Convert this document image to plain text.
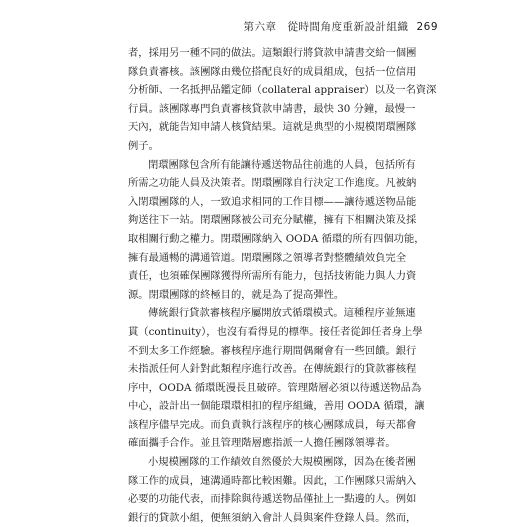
第六章　從時間角度重新設計組織 269
者，採用另一種不同的做法。這類銀行將貸款申請書交給一個團
隊負責審核。該團隊由幾位搭配良好的成員組成，包括一位信用
分析師、一名抵押品鑑定師（collateral appraiser）以及一名資深
行員。該團隊專門負責審核貸款申請書，最快 30 分鐘，最慢一
天內，就能告知申請人核貸結果。這就是典型的小規模閉環團隊
例子。
閉環團隊包含所有能讓待遞送物品往前進的人員，包括所有
所需之功能人員及決策者。閉環團隊自行決定工作進度。凡被納
入閉環團隊的人，一致追求相同的工作目標——讓待遞送物品能
夠送往下一站。閉環團隊被公司充分賦權，擁有下相關決策及採
取相關行動之權力。閉環團隊納入 OODA 循環的所有四個功能，
擁有最通暢的溝通管道。閉環團隊之領導者對整體績效負完全
責任，也須確保團隊獲得所需所有能力，包括技術能力與人力資
源。閉環團隊的終極目的，就是為了提高彈性。
傳統銀行貸款審核程序屬開放式循環模式。這種程序並無連
貫（continuity），也沒有看得見的標準。接任者從卸任者身上學
不到太多工作經驗。審核程序進行期間偶爾會有一些回饋。銀行
未指派任何人針對此類程序進行改善。在傳統銀行的貸款審核程
序中，OODA 循環既漫長且破碎。管理階層必須以待遞送物品為
中心，設計出一個能環環相扣的程序組織，善用 OODA 循環，讓
該程序儘早完成。而負責執行該程序的核心團隊成員，每天都會
確面攜手合作。並且管理階層應指派一人擔任團隊領導者。
小規模團隊的工作績效自然優於大規模團隊，因為在後者團
隊工作的成員，連溝通時都比較困難。因此，工作團隊只需納入
必要的功能代表，而排除與待遞送物品僅扯上一點邊的人。例如
銀行的貸款小組，便無須納入會計人員與案件登錄人員。然而，
